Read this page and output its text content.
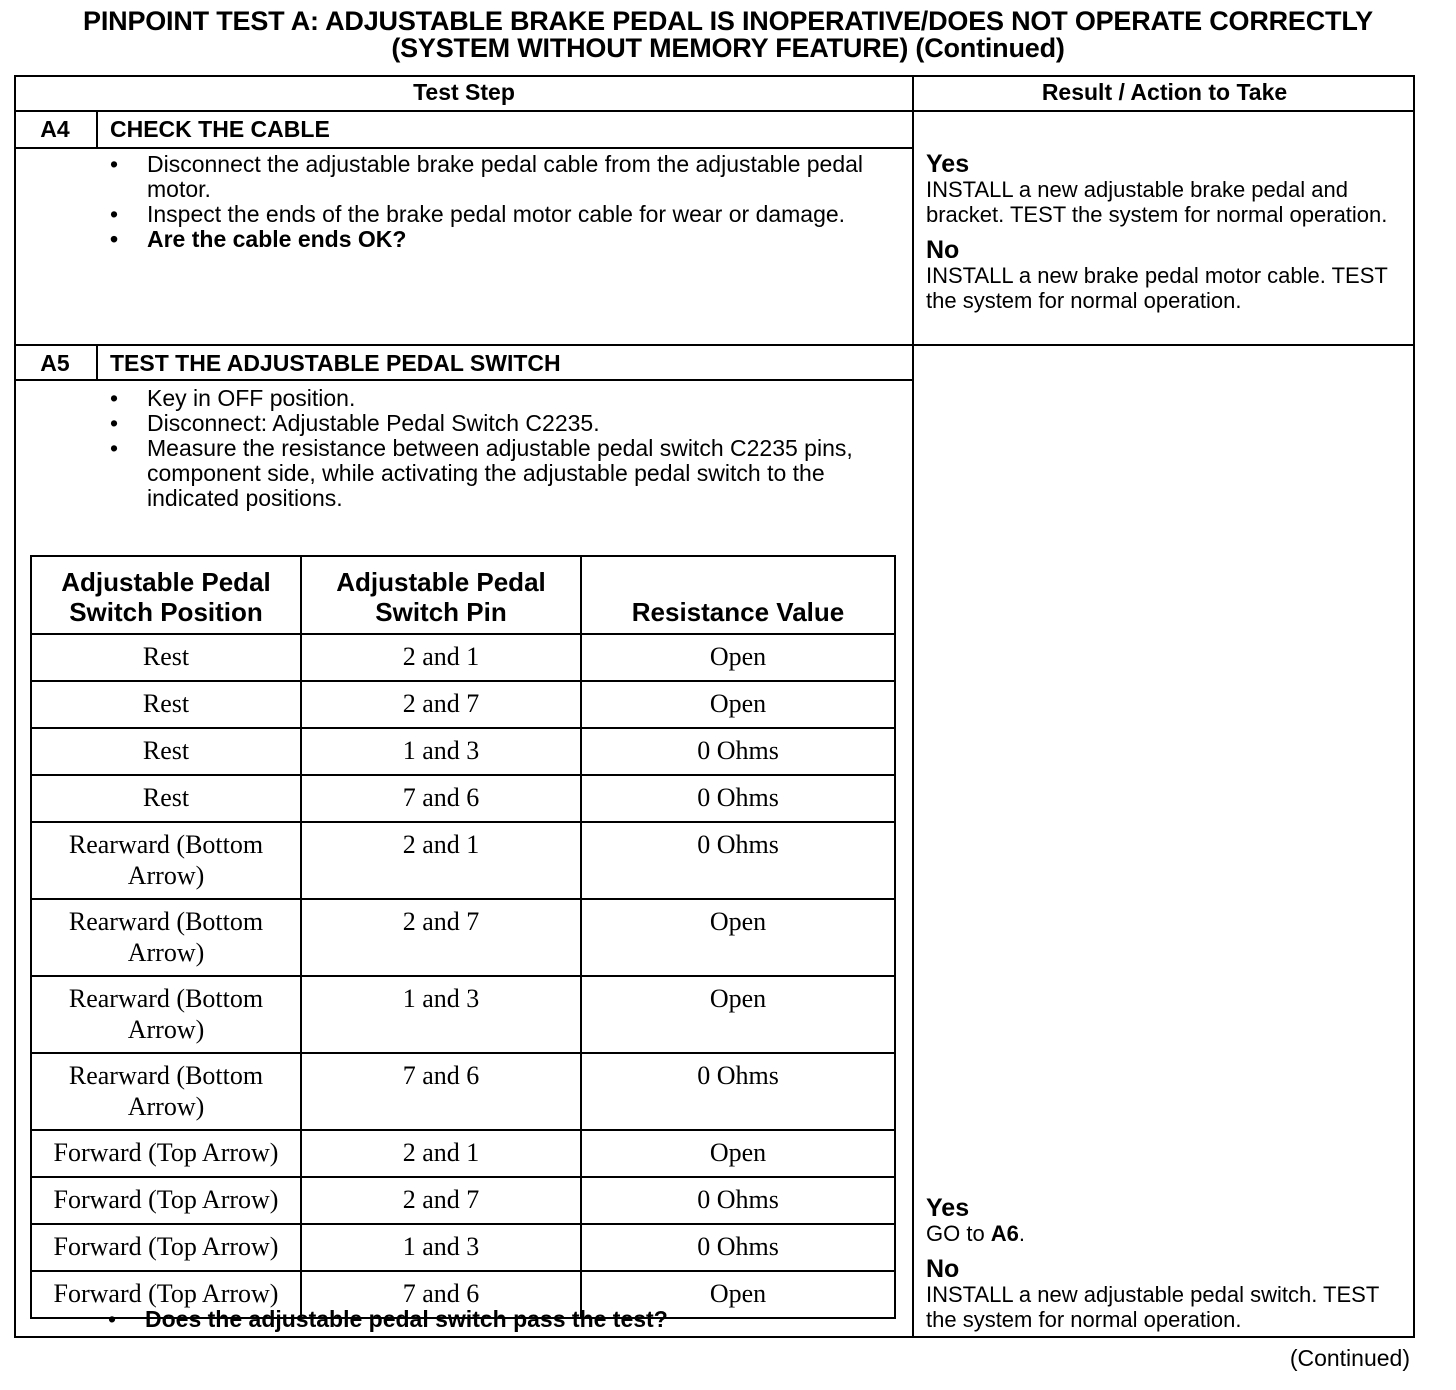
PINPOINT TEST A: ADJUSTABLE BRAKE PEDAL IS INOPERATIVE/DOES NOT OPERATE CORRECTLY
(SYSTEM WITHOUT MEMORY FEATURE) (Continued)
Test Step	Result / Action to Take
A4	CHECK THE CABLE
• Disconnect the adjustable brake pedal cable from the adjustable pedal motor.
• Inspect the ends of the brake pedal motor cable for wear or damage.
• Are the cable ends OK?
Yes
INSTALL a new adjustable brake pedal and bracket. TEST the system for normal operation.
No
INSTALL a new brake pedal motor cable. TEST the system for normal operation.
A5	TEST THE ADJUSTABLE PEDAL SWITCH
• Key in OFF position.
• Disconnect: Adjustable Pedal Switch C2235.
• Measure the resistance between adjustable pedal switch C2235 pins, component side, while activating the adjustable pedal switch to the indicated positions.
Adjustable Pedal Switch Position	Adjustable Pedal Switch Pin	Resistance Value
Rest	2 and 1	Open
Rest	2 and 7	Open
Rest	1 and 3	0 Ohms
Rest	7 and 6	0 Ohms
Rearward (Bottom Arrow)	2 and 1	0 Ohms
Rearward (Bottom Arrow)	2 and 7	Open
Rearward (Bottom Arrow)	1 and 3	Open
Rearward (Bottom Arrow)	7 and 6	0 Ohms
Forward (Top Arrow)	2 and 1	Open
Forward (Top Arrow)	2 and 7	0 Ohms
Forward (Top Arrow)	1 and 3	0 Ohms
Forward (Top Arrow)	7 and 6	Open
• Does the adjustable pedal switch pass the test?
Yes
GO to A6.
No
INSTALL a new adjustable pedal switch. TEST the system for normal operation.
(Continued)
